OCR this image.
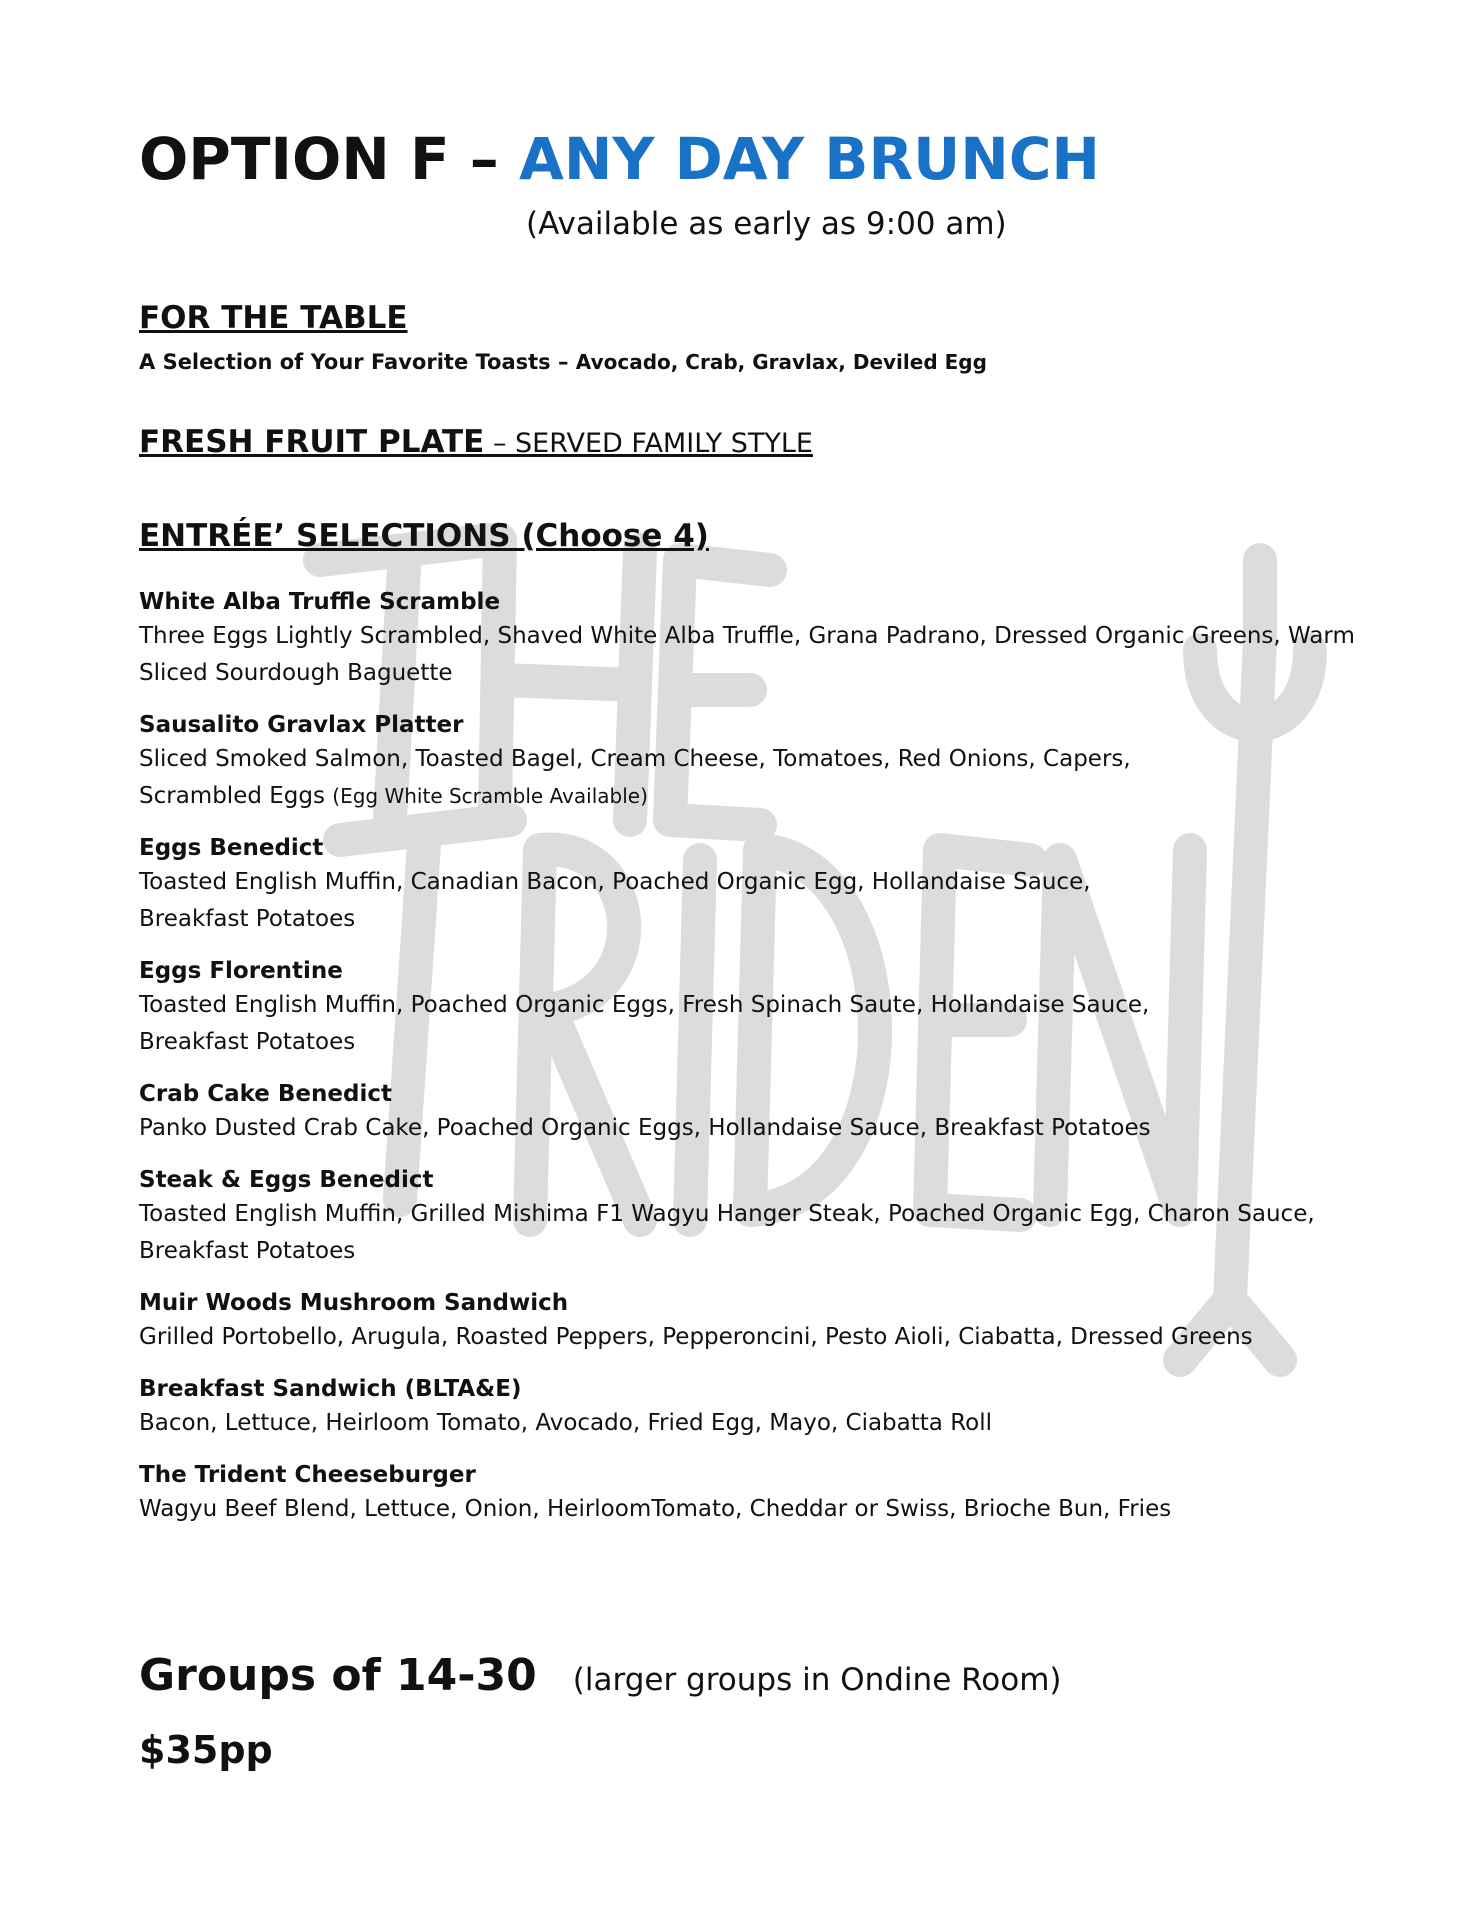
OPTION F – ANY DAY BRUNCH
(Available as early as 9:00 am)
FOR THE TABLE
A Selection of Your Favorite Toasts – Avocado, Crab, Gravlax, Deviled Egg
FRESH FRUIT PLATE – SERVED FAMILY STYLE
ENTRÉE’ SELECTIONS (Choose 4)
White Alba Truffle Scramble
Three Eggs Lightly Scrambled, Shaved White Alba Truffle, Grana Padrano, Dressed Organic Greens, Warm Sliced Sourdough Baguette
Sausalito Gravlax Platter
Sliced Smoked Salmon, Toasted Bagel, Cream Cheese, Tomatoes, Red Onions, Capers,
Scrambled Eggs (Egg White Scramble Available)
Eggs Benedict
Toasted English Muffin, Canadian Bacon, Poached Organic Egg, Hollandaise Sauce,
Breakfast Potatoes
Eggs Florentine
Toasted English Muffin, Poached Organic Eggs, Fresh Spinach Saute, Hollandaise Sauce,
Breakfast Potatoes
Crab Cake Benedict
Panko Dusted Crab Cake, Poached Organic Eggs, Hollandaise Sauce, Breakfast Potatoes
Steak & Eggs Benedict
Toasted English Muffin, Grilled Mishima F1 Wagyu Hanger Steak, Poached Organic Egg, Charon Sauce, Breakfast Potatoes
Muir Woods Mushroom Sandwich
Grilled Portobello, Arugula, Roasted Peppers, Pepperoncini, Pesto Aioli, Ciabatta, Dressed Greens
Breakfast Sandwich (BLTA&E)
Bacon, Lettuce, Heirloom Tomato, Avocado, Fried Egg, Mayo, Ciabatta Roll
The Trident Cheeseburger
Wagyu Beef Blend, Lettuce, Onion, HeirloomTomato, Cheddar or Swiss, Brioche Bun, Fries
Groups of 14-30 (larger groups in Ondine Room)
$35pp
